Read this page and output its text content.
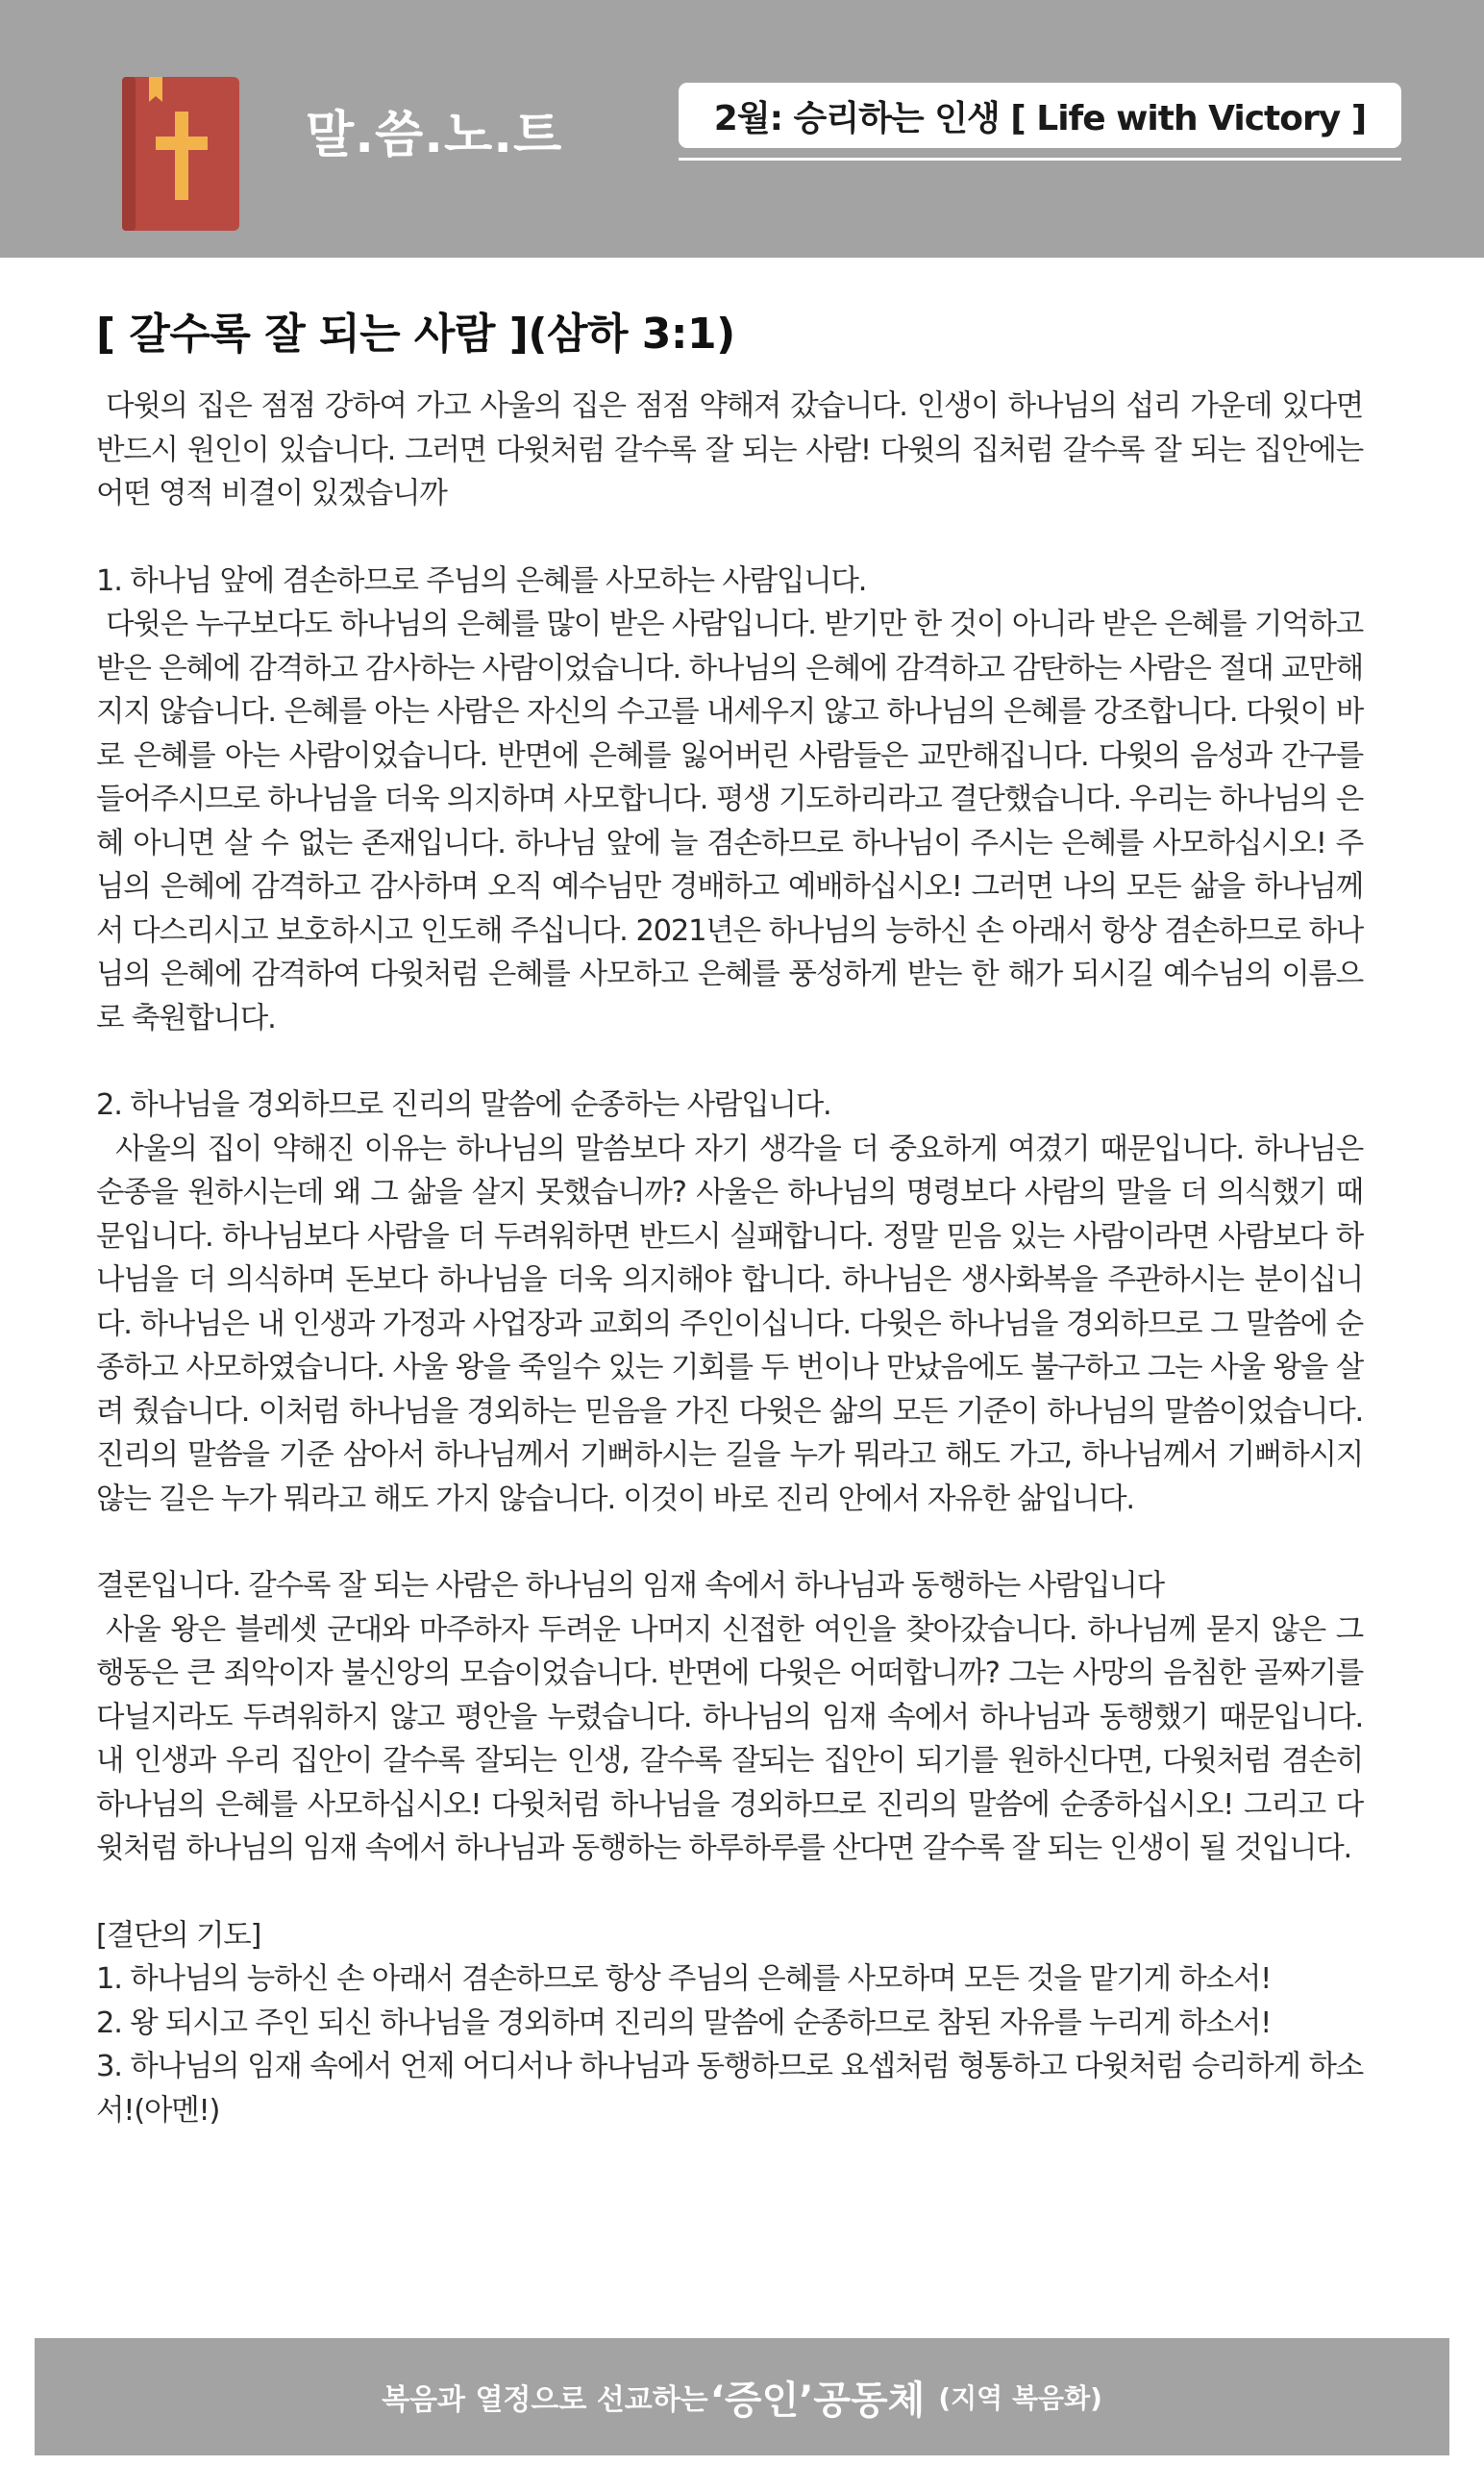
말.씀.노.트	2월: 승리하는 인생 [ Life with Victory ]
[ 갈수록 잘 되는 사람 ](삼하 3:1)

다윗의 집은 점점 강하여 가고 사울의 집은 점점 약해져 갔습니다. 인생이 하나님의 섭리 가운데 있다면 반드시 원인이 있습니다. 그러면 다윗처럼 갈수록 잘 되는 사람! 다윗의 집처럼 갈수록 잘 되는 집안에는 어떤 영적 비결이 있겠습니까

1. 하나님 앞에 겸손하므로 주님의 은혜를 사모하는 사람입니다.

다윗은 누구보다도 하나님의 은혜를 많이 받은 사람입니다. 받기만 한 것이 아니라 받은 은혜를 기억하고 받은 은혜에 감격하고 감사하는 사람이었습니다. 하나님의 은혜에 감격하고 감탄하는 사람은 절대 교만해지지 않습니다. 은혜를 아는 사람은 자신의 수고를 내세우지 않고 하나님의 은혜를 강조합니다. 다윗이 바로 은혜를 아는 사람이었습니다. 반면에 은혜를 잃어버린 사람들은 교만해집니다. 다윗의 음성과 간구를 들어주시므로 하나님을 더욱 의지하며 사모합니다. 평생 기도하리라고 결단했습니다. 우리는 하나님의 은혜 아니면 살 수 없는 존재입니다. 하나님 앞에 늘 겸손하므로 하나님이 주시는 은혜를 사모하십시오! 주님의 은혜에 감격하고 감사하며 오직 예수님만 경배하고 예배하십시오! 그러면 나의 모든 삶을 하나님께서 다스리시고 보호하시고 인도해 주십니다. 2021년은 하나님의 능하신 손 아래서 항상 겸손하므로 하나님의 은혜에 감격하여 다윗처럼 은혜를 사모하고 은혜를 풍성하게 받는 한 해가 되시길 예수님의 이름으로 축원합니다.

2. 하나님을 경외하므로 진리의 말씀에 순종하는 사람입니다.

사울의 집이 약해진 이유는 하나님의 말씀보다 자기 생각을 더 중요하게 여겼기 때문입니다. 하나님은 순종을 원하시는데 왜 그 삶을 살지 못했습니까? 사울은 하나님의 명령보다 사람의 말을 더 의식했기 때문입니다. 하나님보다 사람을 더 두려워하면 반드시 실패합니다. 정말 믿음 있는 사람이라면 사람보다 하나님을 더 의식하며 돈보다 하나님을 더욱 의지해야 합니다. 하나님은 생사화복을 주관하시는 분이십니다. 하나님은 내 인생과 가정과 사업장과 교회의 주인이십니다. 다윗은 하나님을 경외하므로 그 말씀에 순종하고 사모하였습니다. 사울 왕을 죽일수 있는 기회를 두 번이나 만났음에도 불구하고 그는 사울 왕을 살려 줬습니다. 이처럼 하나님을 경외하는 믿음을 가진 다윗은 삶의 모든 기준이 하나님의 말씀이었습니다. 진리의 말씀을 기준 삼아서 하나님께서 기뻐하시는 길을 누가 뭐라고 해도 가고, 하나님께서 기뻐하시지 않는 길은 누가 뭐라고 해도 가지 않습니다. 이것이 바로 진리 안에서 자유한 삶입니다.

결론입니다. 갈수록 잘 되는 사람은 하나님의 임재 속에서 하나님과 동행하는 사람입니다

사울 왕은 블레셋 군대와 마주하자 두려운 나머지 신접한 여인을 찾아갔습니다. 하나님께 묻지 않은 그 행동은 큰 죄악이자 불신앙의 모습이었습니다. 반면에 다윗은 어떠합니까? 그는 사망의 음침한 골짜기를 다닐지라도 두려워하지 않고 평안을 누렸습니다. 하나님의 임재 속에서 하나님과 동행했기 때문입니다. 내 인생과 우리 집안이 갈수록 잘되는 인생, 갈수록 잘되는 집안이 되기를 원하신다면, 다윗처럼 겸손히 하나님의 은혜를 사모하십시오! 다윗처럼 하나님을 경외하므로 진리의 말씀에 순종하십시오! 그리고 다윗처럼 하나님의 임재 속에서 하나님과 동행하는 하루하루를 산다면 갈수록 잘 되는 인생이 될 것입니다.

[결단의 기도]

1. 하나님의 능하신 손 아래서 겸손하므로 항상 주님의 은혜를 사모하며 모든 것을 맡기게 하소서!

2. 왕 되시고 주인 되신 하나님을 경외하며 진리의 말씀에 순종하므로 참된 자유를 누리게 하소서!

3. 하나님의 임재 속에서 언제 어디서나 하나님과 동행하므로 요셉처럼 형통하고 다윗처럼 승리하게 하소서!(아멘!)

복음과 열정으로 선교하는 ‘증인’공동체 (지역 복음화)
